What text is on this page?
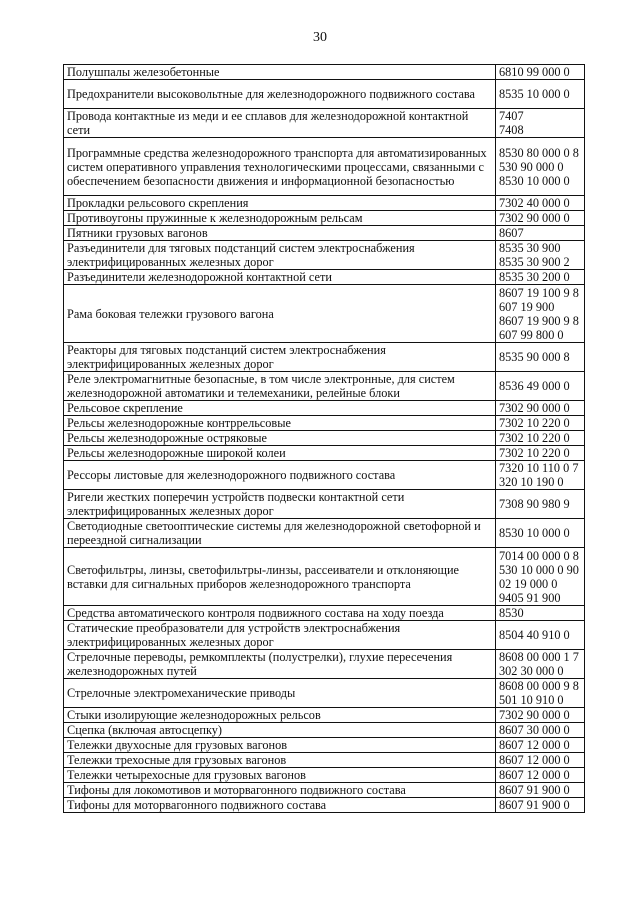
30
Полушпалы железобетонные	6810 99 000 0
Предохранители высоковольтные для железнодорожного подвижного состава	8535 10 000 0
Провода контактные из меди и ее сплавов для железнодорожной контактной сети	7407
7408
Программные средства железнодорожного транспорта для автоматизированных систем оперативного управления технологическими процессами, связанными с обеспечением безопасности движения и информационной безопасностью	8530 80 000 0 8530 90 000 0
8530 10 000 0
Прокладки рельсового скрепления	7302 40 000 0
Противоугоны пружинные к железнодорожным рельсам	7302 90 000 0
Пятники грузовых вагонов	8607
Разъединители для тяговых подстанций систем электроснабжения электрифицированных железных дорог	8535 30 900
8535 30 900 2
Разъединители железнодорожной контактной сети	8535 30 200 0
Рама боковая тележки грузового вагона	8607 19 100 9 8607 19 900
8607 19 900 9 8607 99 800 0
Реакторы для тяговых подстанций систем электроснабжения электрифицированных железных дорог	8535 90 000 8
Реле электромагнитные безопасные, в том числе электронные, для систем железнодорожной автоматики и телемеханики, релейные блоки	8536 49 000 0
Рельсовое скрепление	7302 90 000 0
Рельсы железнодорожные контррельсовые	7302 10 220 0
Рельсы железнодорожные остряковые	7302 10 220 0
Рельсы железнодорожные широкой колеи	7302 10 220 0
Рессоры листовые для железнодорожного подвижного состава	7320 10 110 0 7320 10 190 0
Ригели жестких поперечин устройств подвески контактной сети электрифицированных железных дорог	7308 90 980 9
Светодиодные светооптические системы для железнодорожной светофорной и переездной сигнализации	8530 10 000 0
Светофильтры, линзы, светофильтры-линзы, рассеиватели и отклоняющие вставки для сигнальных приборов железнодорожного транспорта	7014 00 000 0 8530 10 000 0 9002 19 000 0
9405 91 900
Средства автоматического контроля подвижного состава на ходу поезда	8530
Статические преобразователи для устройств электроснабжения электрифицированных железных дорог	8504 40 910 0
Стрелочные переводы, ремкомплекты (полустрелки), глухие пересечения железнодорожных путей	8608 00 000 1 7302 30 000 0
Стрелочные электромеханические приводы	8608 00 000 9 8501 10 910 0
Стыки изолирующие железнодорожных рельсов	7302 90 000 0
Сцепка (включая автосцепку)	8607 30 000 0
Тележки двухосные для грузовых вагонов	8607 12 000 0
Тележки трехосные для грузовых вагонов	8607 12 000 0
Тележки четырехосные для грузовых вагонов	8607 12 000 0
Тифоны для локомотивов и моторвагонного подвижного состава	8607 91 900 0
Тифоны для моторвагонного подвижного состава	8607 91 900 0
